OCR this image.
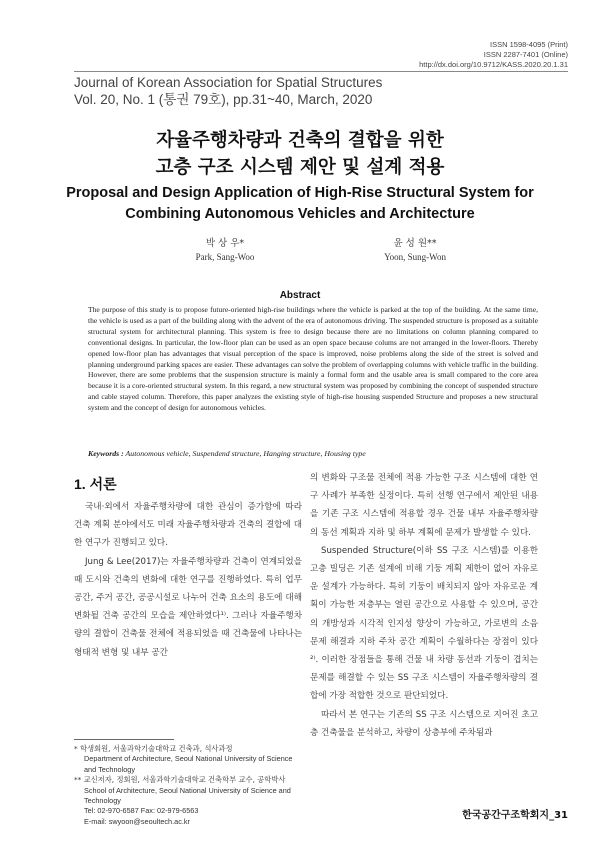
ISSN 1598-4095 (Print)
ISSN 2287-7401 (Online)
http://dx.doi.org/10.9712/KASS.2020.20.1.31
Journal of Korean Association for Spatial Structures
Vol. 20, No. 1 (통권 79호), pp.31~40, March, 2020
자율주행차량과 건축의 결합을 위한
고층 구조 시스템 제안 및 설계 적용
Proposal and Design Application of High-Rise Structural System for
Combining Autonomous Vehicles and Architecture
박 상 우*
Park, Sang-Woo
윤 성 원**
Yoon, Sung-Won
Abstract
The purpose of this study is to propose future-oriented high-rise buildings where the vehicle is parked at the top of the building. At the same time, the vehicle is used as a part of the building along with the advent of the era of autonomous driving. The suspended structure is proposed as a suitable structural system for architectural planning. This system is free to design because there are no limitations on column planning compared to conventional designs. In particular, the low-floor plan can be used as an open space because colums are not arranged in the lower-floors. Thereby opened low-floor plan has advantages that visual perception of the space is improved, noise problems along the side of the street is solved and planning underground parking spaces are easier. These advantages can solve the problem of overlapping columns with vehicle traffic in the building. However, there are some problems that the suspension structure is mainly a formal form and the usable area is small compared to the core area because it is a core-oriented structural system. In this regard, a new structural system was proposed by combining the concept of suspended structure and cable stayed column. Therefore, this paper analyzes the existing style of high-rise housing suspended Structure and proposes a new structural system and the concept of design for autonomous vehicles.
Keywords : Autonomous vehicle, Suspendend structure, Hanging structure, Housing type
1. 서론

국내·외에서 자율주행차량에 대한 관심이 증가함에 따라 건축 계획 분야에서도 미래 자율주행차량과 건축의 결합에 대한 연구가 진행되고 있다.

Jung & Lee(2017)는 자율주행차량과 건축이 연계되었을 때 도시와 건축의 변화에 대한 연구를 진행하였다. 특히 업무 공간, 주거 공간, 공공시설로 나누어 건축 요소의 용도에 대해 변화될 건축 공간의 모습을 제안하였다¹⁾. 그러나 자율주행차량의 결합이 건축물 전체에 적용되었을 때 건축물에 나타나는 형태적 변형 및 내부 공간

의 변화와 구조물 전체에 적용 가능한 구조 시스템에 대한 연구 사례가 부족한 실정이다. 특히 선행 연구에서 제안된 내용을 기존 구조 시스템에 적용할 경우 건물 내부 자율주행차량의 동선 계획과 지하 및 하부 계획에 문제가 발생할 수 있다.

Suspended Structure(이하 SS 구조 시스템)를 이용한 고층 빌딩은 기존 설계에 비해 기둥 계획 제한이 없어 자유로운 설계가 가능하다. 특히 기둥이 배치되지 않아 자유로운 계획이 가능한 저층부는 열린 공간으로 사용할 수 있으며, 공간의 개방성과 시각적 인지성 향상이 가능하고, 가로변의 소음 문제 해결과 지하 주차 공간 계획이 수월하다는 장점이 있다²⁾. 이러한 장점들을 통해 건물 내 차량 동선과 기둥이 겹치는 문제를 해결할 수 있는 SS 구조 시스템이 자율주행차량의 결합에 가장 적합한 것으로 판단되었다.

따라서 본 연구는 기존의 SS 구조 시스템으로 지어진 초고층 건축물을 분석하고, 차량이 상층부에 주차됨과

* 학생회원, 서울과학기술대학교 건축과, 석사과정
Department of Architecture, Seoul National University of Science and Technology
** 교신저자, 정회원, 서울과학기술대학교 건축학부 교수, 공학박사
School of Architecture, Seoul National University of Science and Technology
Tel: 02-970-6587 Fax: 02-979-6563
E-mail: swyoon@seoultech.ac.kr
한국공간구조학회지_31
